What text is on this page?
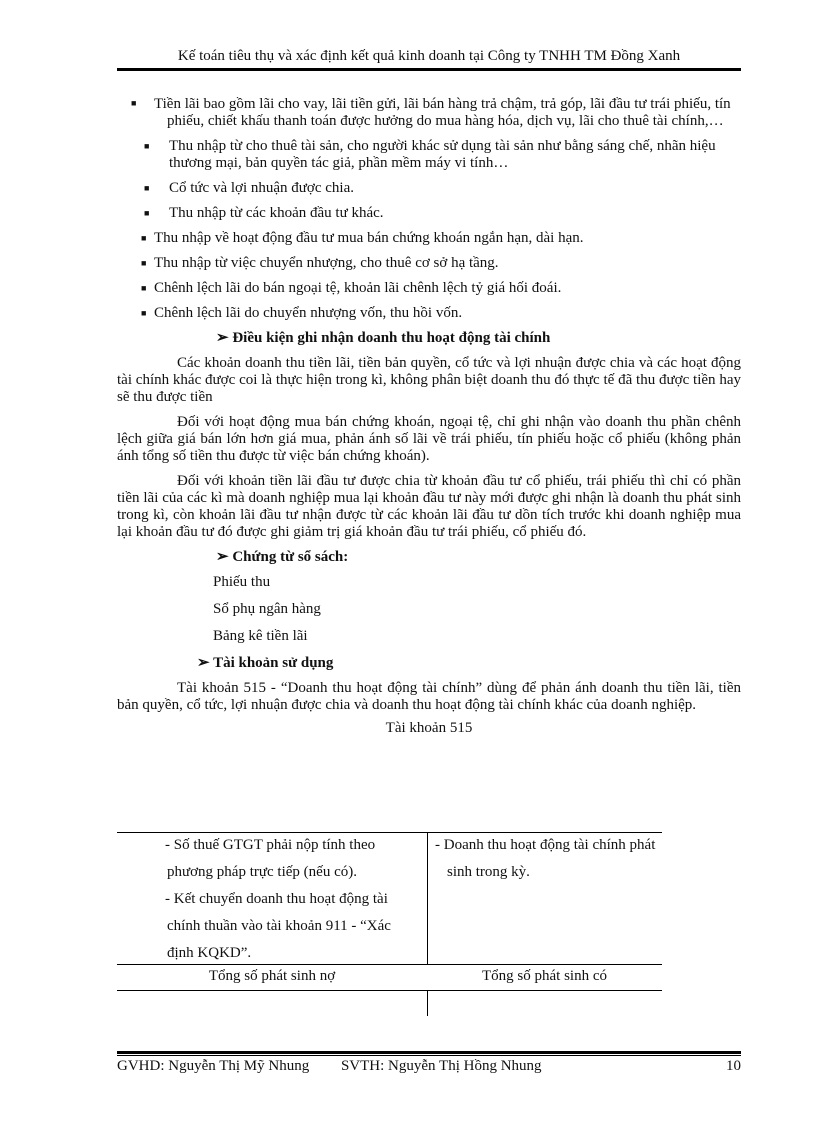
Kế toán tiêu thụ và xác định kết quả kinh doanh tại Công ty TNHH TM Đồng Xanh
■ Tiền lãi bao gồm lãi cho vay, lãi tiền gửi, lãi bán hàng trả chậm, trả góp, lãi đầu tư trái phiếu, tín phiếu, chiết khấu thanh toán được hưởng do mua hàng hóa, dịch vụ, lãi cho thuê tài chính,…
■ Thu nhập từ cho thuê tài sản, cho người khác sử dụng tài sản như bằng sáng chế, nhãn hiệu thương mại, bản quyền tác giả, phần mềm máy vi tính…
■ Cổ tức và lợi nhuận được chia.
■ Thu nhập từ các khoản đầu tư khác.
■ Thu nhập về hoạt động đầu tư mua bán chứng khoán ngắn hạn, dài hạn.
■ Thu nhập từ việc chuyển nhượng, cho thuê cơ sở hạ tầng.
■ Chênh lệch lãi do bán ngoại tệ, khoản lãi chênh lệch tỷ giá hối đoái.
■ Chênh lệch lãi do chuyển nhượng vốn, thu hồi vốn.
➢ Điều kiện ghi nhận doanh thu hoạt động tài chính
Các khoản doanh thu tiền lãi, tiền bản quyền, cổ tức và lợi nhuận được chia và các hoạt động tài chính khác được coi là thực hiện trong kì, không phân biệt doanh thu đó thực tế đã thu được tiền hay sẽ thu được tiền
Đối với hoạt động mua bán chứng khoán, ngoại tệ, chỉ ghi nhận vào doanh thu phần chênh lệch giữa giá bán lớn hơn giá mua, phản ánh số lãi về trái phiếu, tín phiếu hoặc cổ phiếu (không phản ánh tổng số tiền thu được từ việc bán chứng khoán).
Đối với khoản tiền lãi đầu tư được chia từ khoản đầu tư cổ phiếu, trái phiếu thì chỉ có phần tiền lãi của các kì mà doanh nghiệp mua lại khoản đầu tư này mới được ghi nhận là doanh thu phát sinh trong kì, còn khoản lãi đầu tư nhận được từ các khoản lãi đầu tư dồn tích trước khi doanh nghiệp mua lại khoản đầu tư đó được ghi giảm trị giá khoản đầu tư trái phiếu, cổ phiếu đó.
➢ Chứng từ sổ sách:
Phiếu thu
Sổ phụ ngân hàng
Bảng kê tiền lãi
➢ Tài khoản sử dụng
Tài khoản 515 - “Doanh thu hoạt động tài chính” dùng để phản ánh doanh thu tiền lãi, tiền bản quyền, cổ tức, lợi nhuận được chia và doanh thu hoạt động tài chính khác của doanh nghiệp.
Tài khoản 515
- Số thuế GTGT phải nộp tính theo
phương pháp trực tiếp (nếu có).
- Kết chuyển doanh thu hoạt động tài
chính thuần vào tài khoản 911 - “Xác
định KQKD”.
- Doanh thu hoạt động tài chính phát
sinh trong kỳ.
Tổng số phát sinh nợ	Tổng số phát sinh có
GVHD: Nguyễn Thị Mỹ Nhung SVTH: Nguyễn Thị Hồng Nhung	10
